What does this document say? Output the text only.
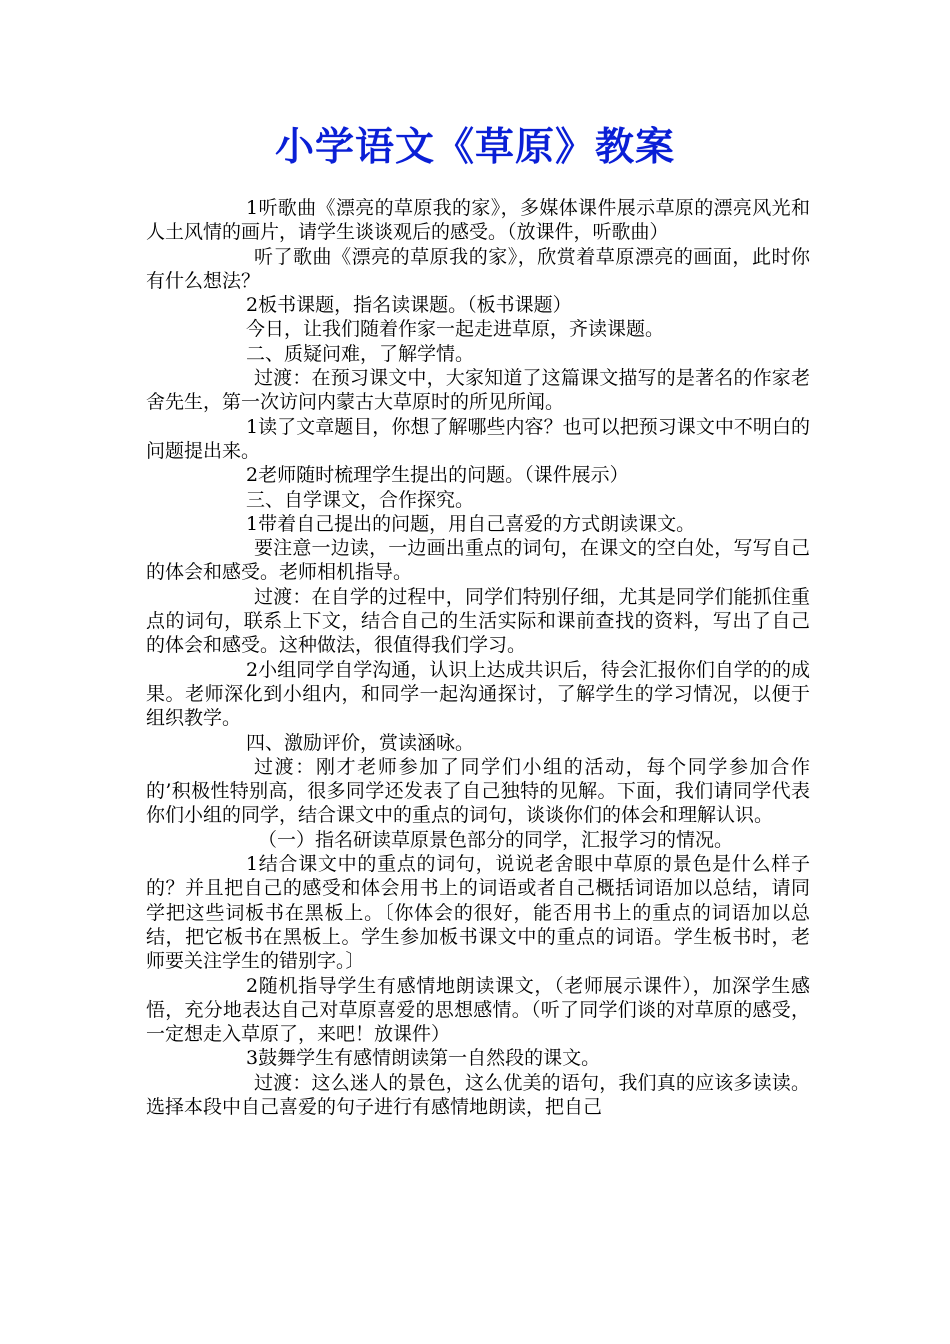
小学语文《草原》教案

1听歌曲《漂亮的草原我的家》，多媒体课件展示草原的漂亮风光和人土风情的画片，请学生谈谈观后的感受。（放课件，听歌曲）

听了歌曲《漂亮的草原我的家》，欣赏着草原漂亮的画面，此时你有什么想法？

2板书课题，指名读课题。（板书课题）

今日，让我们随着作家一起走进草原，齐读课题。

二、质疑问难，了解学情。

过渡：在预习课文中，大家知道了这篇课文描写的是著名的作家老舍先生，第一次访问内蒙古大草原时的所见所闻。

1读了文章题目，你想了解哪些内容？也可以把预习课文中不明白的问题提出来。

2老师随时梳理学生提出的问题。（课件展示）

三、自学课文，合作探究。

1带着自己提出的问题，用自己喜爱的方式朗读课文。

要注意一边读，一边画出重点的词句，在课文的空白处，写写自己的体会和感受。老师相机指导。

过渡：在自学的过程中，同学们特别仔细，尤其是同学们能抓住重点的词句，联系上下文，结合自己的生活实际和课前查找的资料，写出了自己的体会和感受。这种做法，很值得我们学习。

2小组同学自学沟通，认识上达成共识后，待会汇报你们自学的的成果。老师深化到小组内，和同学一起沟通探讨，了解学生的学习情况，以便于组织教学。

四、激励评价，赏读涵咏。

过渡：刚才老师参加了同学们小组的活动，每个同学参加合作的’积极性特别高，很多同学还发表了自己独特的见解。下面，我们请同学代表你们小组的同学，结合课文中的重点的词句，谈谈你们的体会和理解认识。

（一）指名研读草原景色部分的同学，汇报学习的情况。

1结合课文中的重点的词句，说说老舍眼中草原的景色是什么样子的？并且把自己的感受和体会用书上的词语或者自己概括词语加以总结，请同学把这些词板书在黑板上。〔你体会的很好，能否用书上的重点的词语加以总结，把它板书在黑板上。学生参加板书课文中的重点的词语。学生板书时，老师要关注学生的错别字。〕

2随机指导学生有感情地朗读课文，（老师展示课件），加深学生感悟，充分地表达自己对草原喜爱的思想感情。（听了同学们谈的对草原的感受，一定想走入草原了，来吧！放课件）

3鼓舞学生有感情朗读第一自然段的课文。

过渡：这么迷人的景色，这么优美的语句，我们真的应该多读读。选择本段中自己喜爱的句子进行有感情地朗读，把自己
